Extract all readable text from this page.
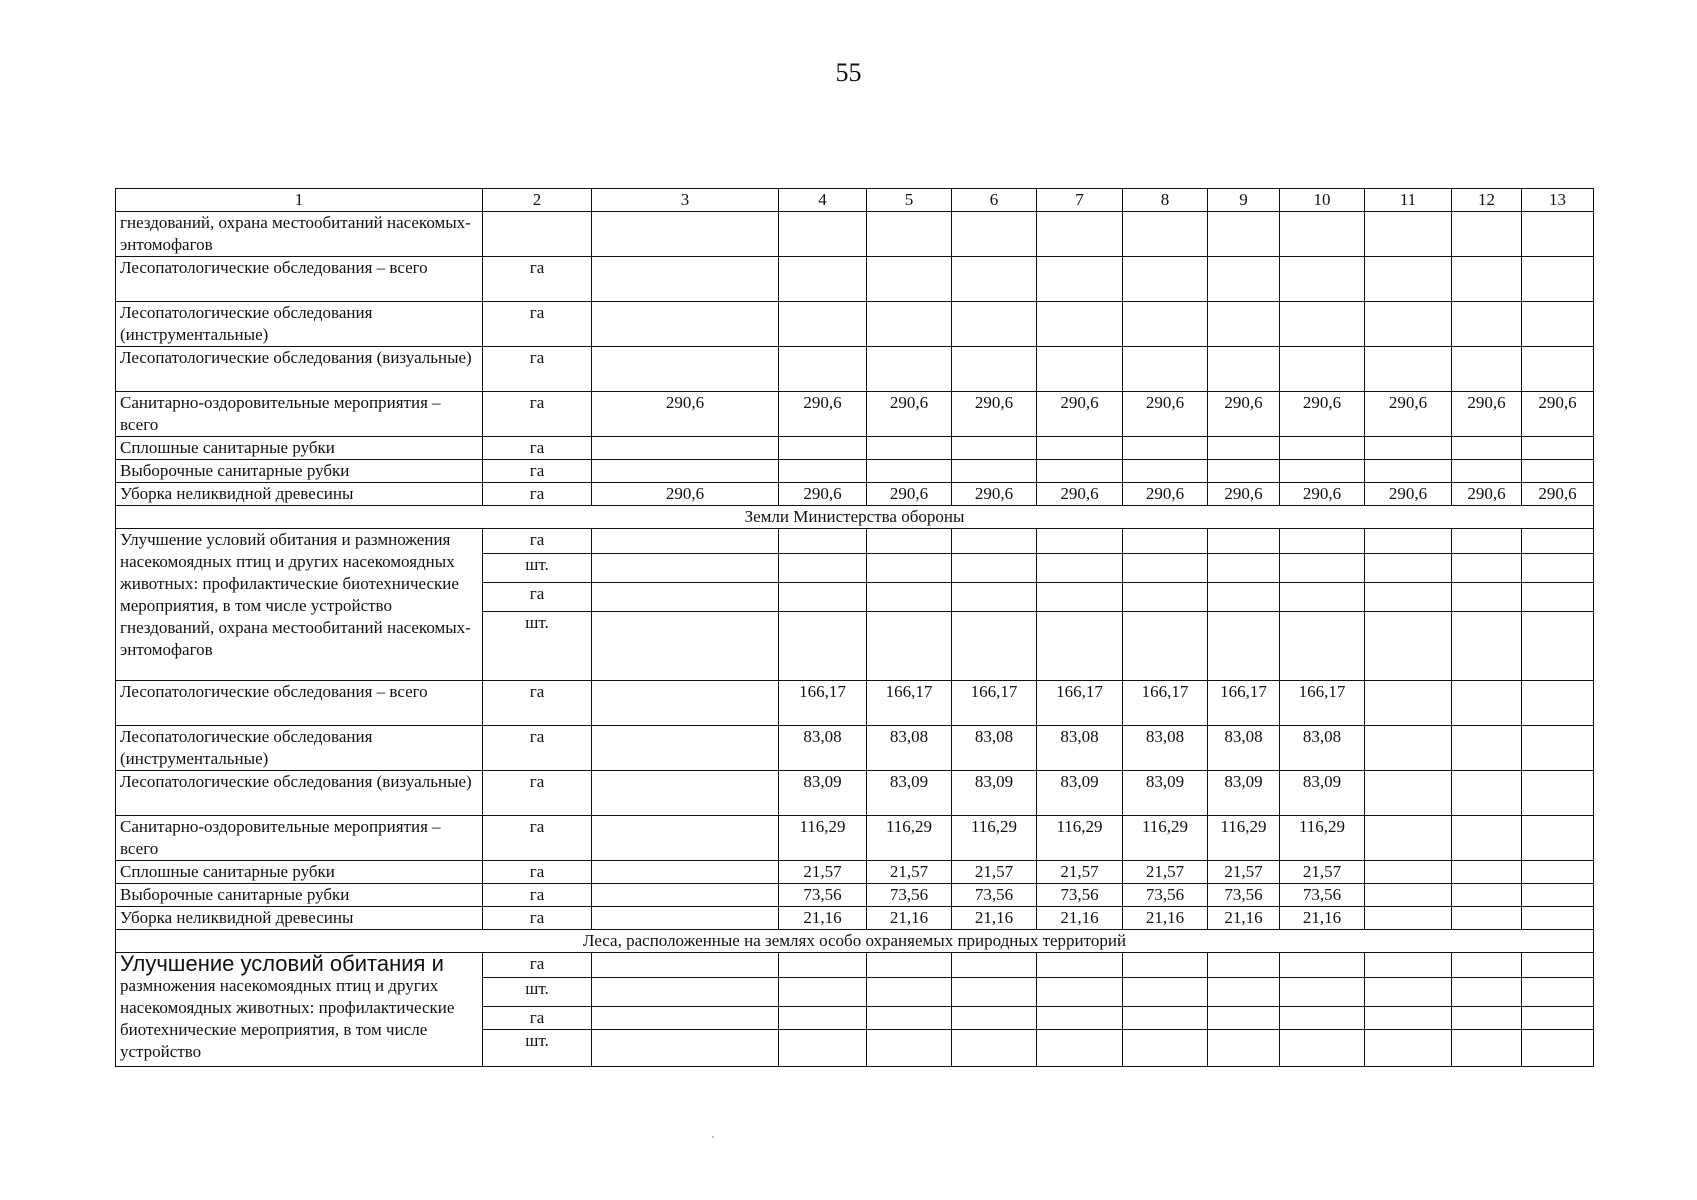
55
1	2	3	4	5	6	7	8	9	10	11	12	13
гнездований, охрана местообитаний насекомых-энтомофагов												
Лесопатологические обследования – всего	га											
Лесопатологические обследования (инструментальные)	га											
Лесопатологические обследования (визуальные)	га											
Санитарно-оздоровительные мероприятия – всего	га	290,6	290,6	290,6	290,6	290,6	290,6	290,6	290,6	290,6	290,6	290,6
Сплошные санитарные рубки	га											
Выборочные санитарные рубки	га											
Уборка неликвидной древесины	га	290,6	290,6	290,6	290,6	290,6	290,6	290,6	290,6	290,6	290,6	290,6
Земли Министерства обороны												
Улучшение условий обитания и размножения насекомоядных птиц и других насекомоядных животных: профилактические биотехнические мероприятия, в том числе устройство гнездований, охрана местообитаний насекомых-энтомофагов	га											
	шт.											
	га											
	шт.											
Лесопатологические обследования – всего	га		166,17	166,17	166,17	166,17	166,17	166,17	166,17			
Лесопатологические обследования (инструментальные)	га		83,08	83,08	83,08	83,08	83,08	83,08	83,08			
Лесопатологические обследования (визуальные)	га		83,09	83,09	83,09	83,09	83,09	83,09	83,09			
Санитарно-оздоровительные мероприятия – всего	га		116,29	116,29	116,29	116,29	116,29	116,29	116,29			
Сплошные санитарные рубки	га		21,57	21,57	21,57	21,57	21,57	21,57	21,57			
Выборочные санитарные рубки	га		73,56	73,56	73,56	73,56	73,56	73,56	73,56			
Уборка неликвидной древесины	га		21,16	21,16	21,16	21,16	21,16	21,16	21,16			
Леса, расположенные на землях особо охраняемых природных территорий												

Улучшение условий обитания и
размножения насекомоядных птиц и других насекомоядных животных: профилактические биотехнические мероприятия, в том числе устройство	га											
	шт.											
	га											
	шт.											
